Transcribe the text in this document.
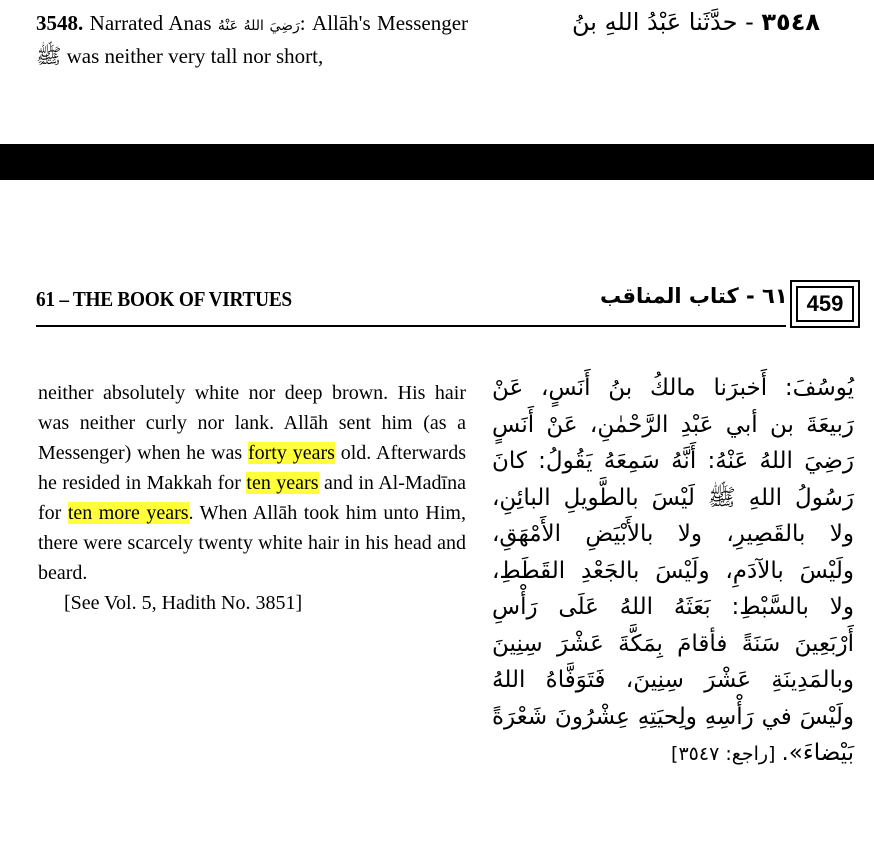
3548. Narrated Anas رَضِيَ اللهُ عَنْهُ: Allāh's Messenger ﷺ was neither very tall nor short,
٣٥٤٨ - حدَّثَنا عَبْدُ اللهِ بنُ
61 – THE BOOK OF VIRTUES	٦١ - كتاب المناقب 459
neither absolutely white nor deep brown. His hair was neither curly nor lank. Allāh sent him (as a Messenger) when he was forty years old. Afterwards he resided in Makkah for ten years and in Al-Madīna for ten more years. When Allāh took him unto Him, there were scarcely twenty white hair in his head and beard.
[See Vol. 5, Hadith No. 3851]
يُوسُفَ: أَخبرَنا مالكُ بنُ أَنَسٍ، عَنْ
رَبيعَةَ بن أبي عَبْدِ الرَّحْمٰنِ، عَنْ أَنَسٍ
رَضِيَ اللهُ عَنْهُ: أَنَّهُ سَمِعَهُ يَقُولُ: كانَ
رَسُولُ اللهِ ﷺ لَيْسَ بالطَّويلِ البائِنِ،
ولا بالقَصِيرِ، ولا بالأَبْيَضِ الأَمْهَقِ،
ولَيْسَ بالآدَمِ، ولَيْسَ بالجَعْدِ القَطَطِ،
ولا بالسَّبْطِ: بَعَثَهُ اللهُ عَلَى رَأْسِ
أَرْبَعِينَ سَنَةً فأقامَ بِمَكَّةَ عَشْرَ سِنِينَ
وبالمَدِينَةِ عَشْرَ سِنِينَ، فَتَوَفَّاهُ اللهُ
ولَيْسَ في رَأْسِهِ ولِحيَتِهِ عِشْرُونَ شَعْرَةً
بَيْضاءَ». [راجع: ٣٥٤٧]
